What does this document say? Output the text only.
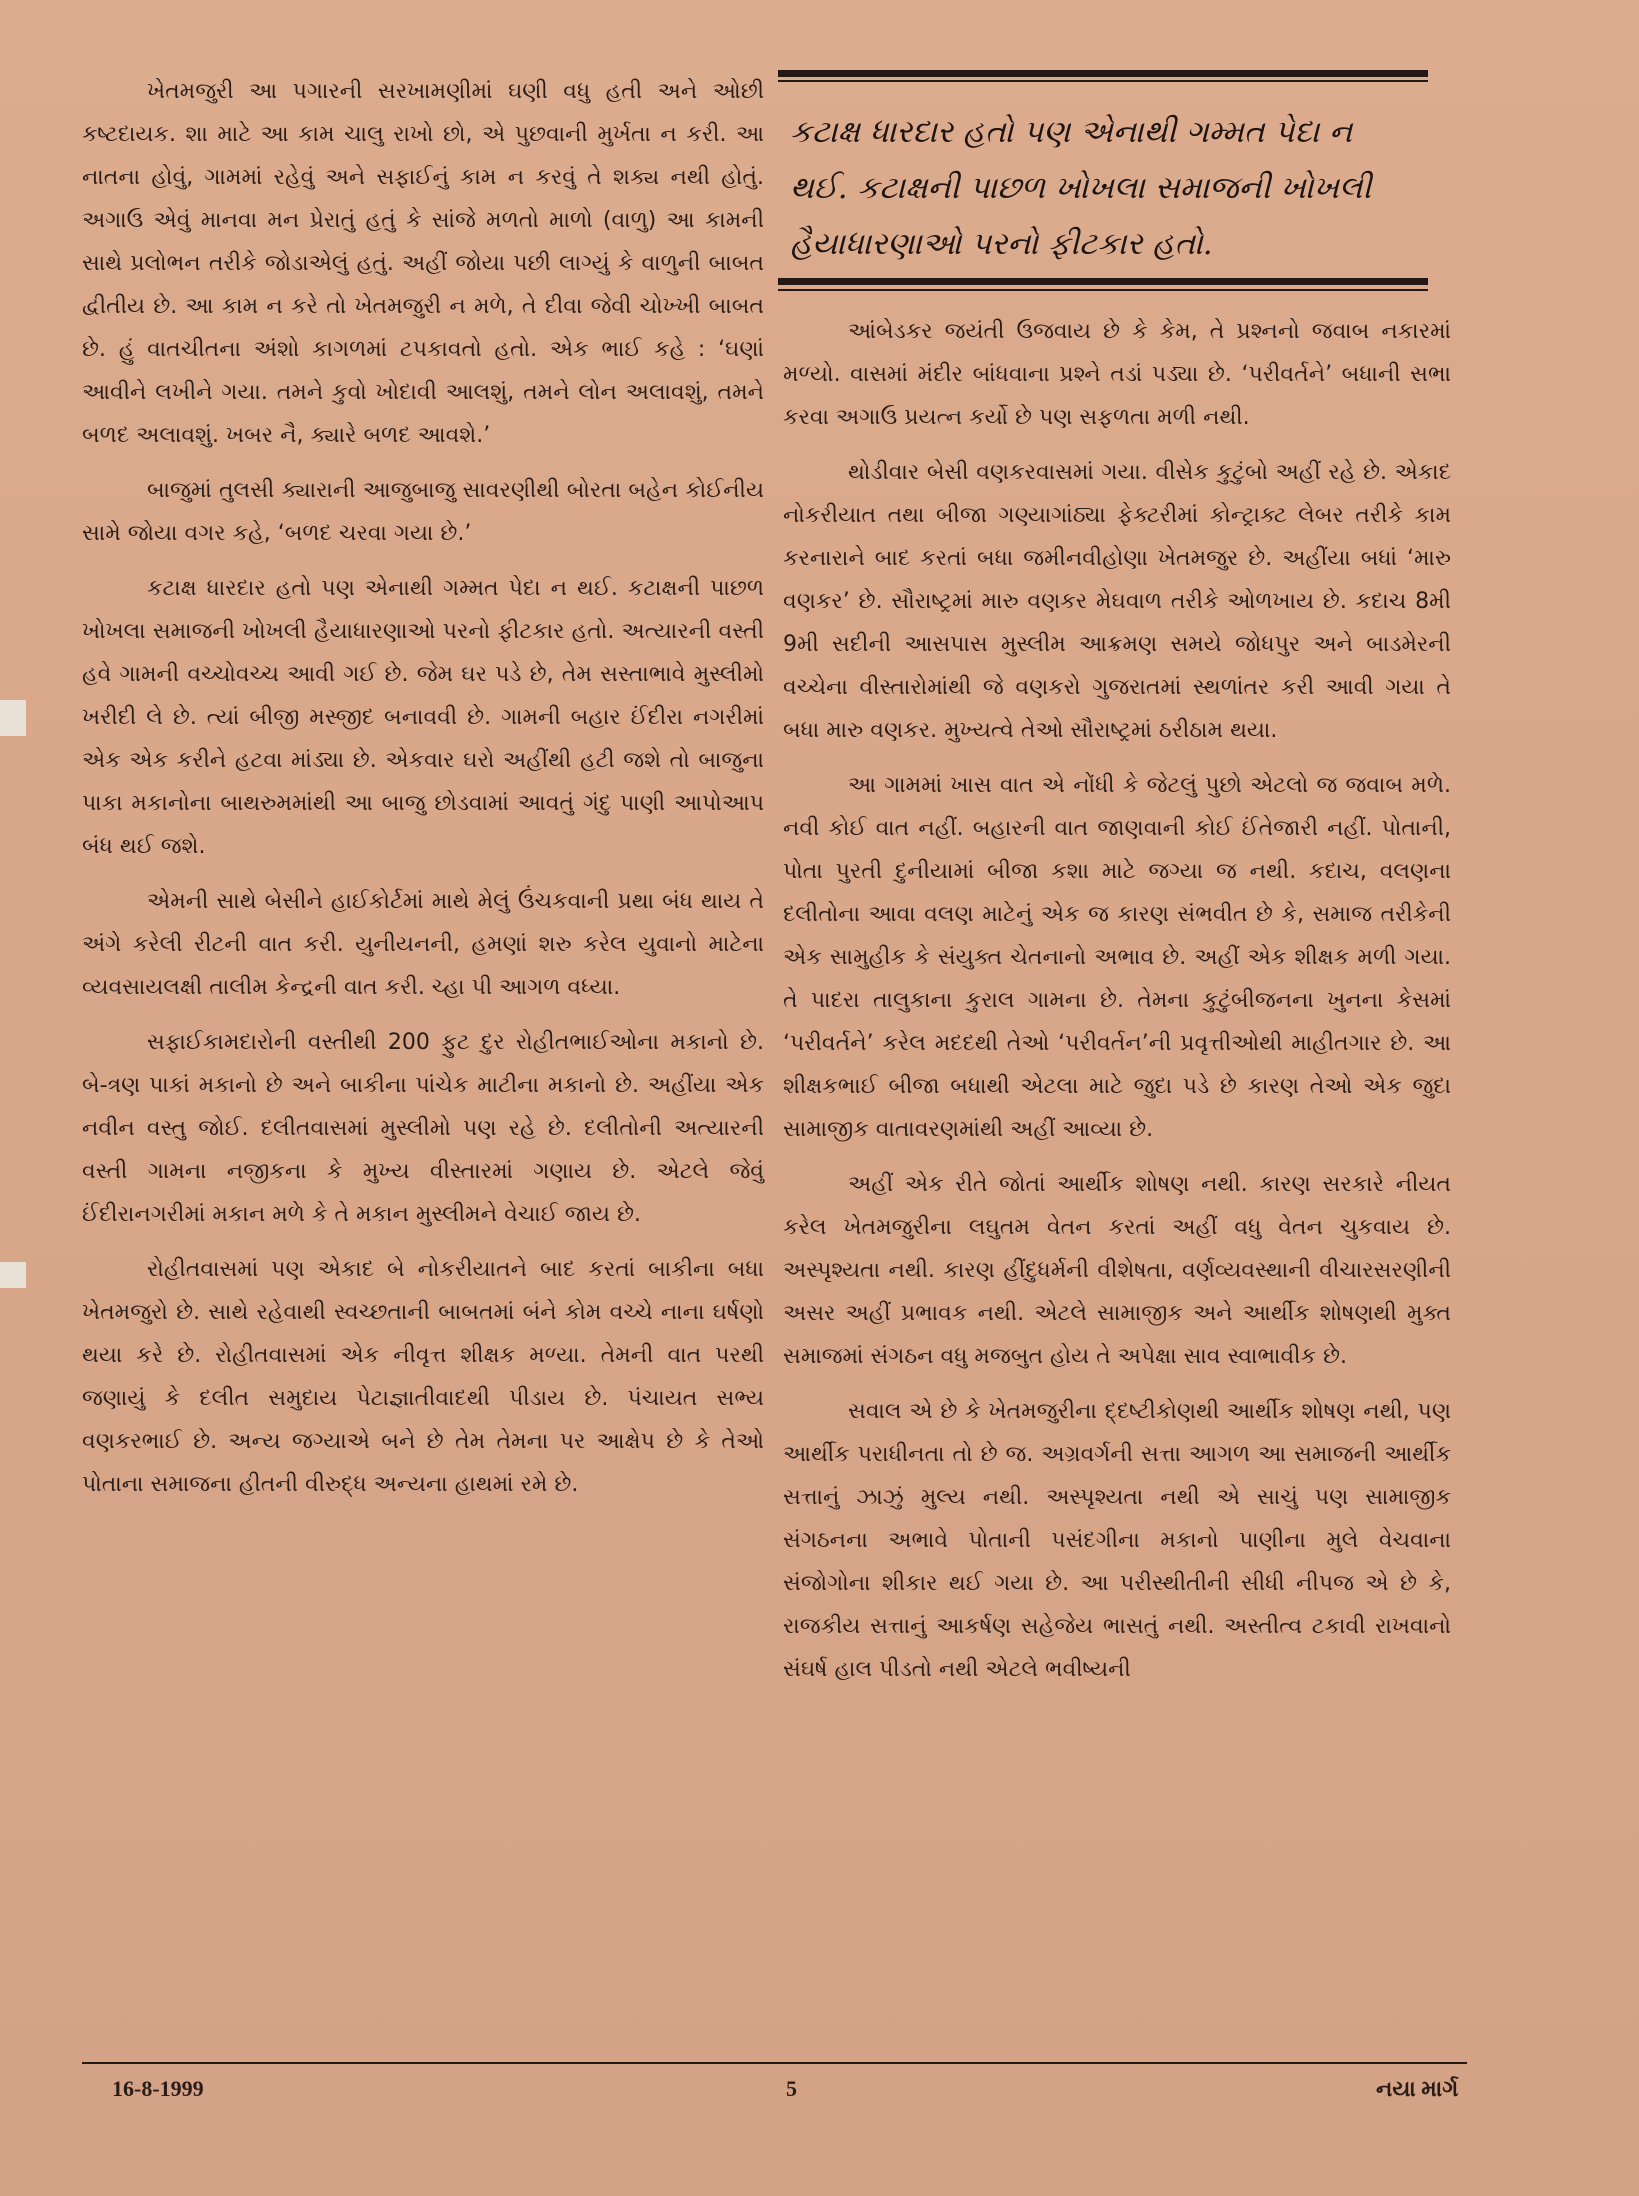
ખેતમજુરી આ પગારની સરખામણીમાં ઘણી વધુ હતી અને ઓછી કષ્ટદાયક. શા માટે આ કામ ચાલુ રાખો છો, એ પુછવાની મુર્ખતા ન કરી. આ નાતના હોવું, ગામમાં રહેવું અને સફાઈનું કામ ન કરવું તે શક્ય નથી હોતું. અગાઉ એવું માનવા મન પ્રેરાતું હતું કે સાંજે મળતો માળો (વાળુ) આ કામની સાથે પ્રલોભન તરીકે જોડાએલું હતું. અહીં જોયા પછી લાગ્યું કે વાળુની બાબત દ્વીતીય છે. આ કામ ન કરે તો ખેતમજુરી ન મળે, તે દીવા જેવી ચોખ્ખી બાબત છે. હું વાતચીતના અંશો કાગળમાં ટપકાવતો હતો. એક ભાઈ કહે : ‘ઘણાં આવીને લખીને ગયા. તમને કુવો ખોદાવી આલશું, તમને લોન અલાવશું, તમને બળદ અલાવશું. ખબર નૈ, ક્યારે બળદ આવશે.’

બાજુમાં તુલસી ક્યારાની આજુબાજુ સાવરણીથી બોરતા બહેન કોઈનીય સામે જોયા વગર કહે, ‘બળદ ચરવા ગયા છે.’

કટાક્ષ ધારદાર હતો પણ એનાથી ગમ્મત પેદા ન થઈ. કટાક્ષની પાછળ ખોખલા સમાજની ખોખલી હૈયાધારણાઓ પરનો ફીટકાર હતો. અત્યારની વસ્તી હવે ગામની વચ્ચોવચ્ચ આવી ગઈ છે. જેમ ઘર પડે છે, તેમ સસ્તાભાવે મુસ્લીમો ખરીદી લે છે. ત્યાં બીજી મસ્જીદ બનાવવી છે. ગામની બહાર ઈંદીરા નગરીમાં એક એક કરીને હટવા માંડ્યા છે. એકવાર ઘરો અહીંથી હટી જશે તો બાજુના પાકા મકાનોના બાથરુમમાંથી આ બાજુ છોડવામાં આવતું ગંદુ પાણી આપોઆપ બંધ થઈ જશે.

એમની સાથે બેસીને હાઈકોર્ટમાં માથે મેલું ઉંચકવાની પ્રથા બંધ થાય તે અંગે કરેલી રીટની વાત કરી. યુનીયનની, હમણાં શરુ કરેલ યુવાનો માટેના વ્યવસાયલક્ષી તાલીમ કેન્દ્રની વાત કરી. ચ્હા પી આગળ વધ્યા.

સફાઈકામદારોની વસ્તીથી 200 ફુટ દુર રોહીતભાઈઓના મકાનો છે. બે-ત્રણ પાકાં મકાનો છે અને બાકીના પાંચેક માટીના મકાનો છે. અહીંયા એક નવીન વસ્તુ જોઈ. દલીતવાસમાં મુસ્લીમો પણ રહે છે. દલીતોની અત્યારની વસ્તી ગામના નજીકના કે મુખ્ય વીસ્તારમાં ગણાય છે. એટલે જેવું ઈંદીરાનગરીમાં મકાન મળે કે તે મકાન મુસ્લીમને વેચાઈ જાય છે.

રોહીતવાસમાં પણ એકાદ બે નોકરીયાતને બાદ કરતાં બાકીના બધા ખેતમજુરો છે. સાથે રહેવાથી સ્વચ્છતાની બાબતમાં બંને કોમ વચ્ચે નાના ઘર્ષણો થયા કરે છે. રોહીતવાસમાં એક નીવૃત્ત શીક્ષક મળ્યા. તેમની વાત પરથી જણાયું કે દલીત સમુદાય પેટાજ્ઞાતીવાદથી પીડાય છે. પંચાયત સભ્ય વણકરભાઈ છે. અન્ય જગ્યાએ બને છે તેમ તેમના પર આક્ષેપ છે કે તેઓ પોતાના સમાજના હીતની વીરુદ્ધ અન્યના હાથમાં રમે છે.

કટાક્ષ ધારદાર હતો પણ એનાથી ગમ્મત પેદા ન થઈ. કટાક્ષની પાછળ ખોખલા સમાજની ખોખલી હૈયાધારણાઓ પરનો ફીટકાર હતો.

આંબેડકર જયંતી ઉજવાય છે કે કેમ, તે પ્રશ્નનો જવાબ નકારમાં મળ્યો. વાસમાં મંદીર બાંધવાના પ્રશ્ને તડાં પડ્યા છે. ‘પરીવર્તને’ બધાની સભા કરવા અગાઉ પ્રયત્ન કર્યો છે પણ સફળતા મળી નથી.

થોડીવાર બેસી વણકરવાસમાં ગયા. વીસેક કુટુંબો અહીં રહે છે. એકાદ નોકરીયાત તથા બીજા ગણ્યાગાંઠ્યા ફેક્ટરીમાં કોન્ટ્રાક્ટ લેબર તરીકે કામ કરનારાને બાદ કરતાં બધા જમીનવીહોણા ખેતમજુર છે. અહીંયા બધાં ‘મારુ વણકર’ છે. સૌરાષ્ટ્રમાં મારુ વણકર મેઘવાળ તરીકે ઓળખાય છે. કદાચ 8મી 9મી સદીની આસપાસ મુસ્લીમ આક્રમણ સમયે જોધપુર અને બાડમેરની વચ્ચેના વીસ્તારોમાંથી જે વણકરો ગુજરાતમાં સ્થળાંતર કરી આવી ગયા તે બધા મારુ વણકર. મુખ્યત્વે તેઓ સૌરાષ્ટ્રમાં ઠરીઠામ થયા.

આ ગામમાં ખાસ વાત એ નોંધી કે જેટલું પુછો એટલો જ જવાબ મળે. નવી કોઈ વાત નહીં. બહારની વાત જાણવાની કોઈ ઈંતેજારી નહીં. પોતાની, પોતા પુરતી દુનીયામાં બીજા કશા માટે જગ્યા જ નથી. કદાચ, વલણના દલીતોના આવા વલણ માટેનું એક જ કારણ સંભવીત છે કે, સમાજ તરીકેની એક સામુહીક કે સંયુક્ત ચેતનાનો અભાવ છે. અહીં એક શીક્ષક મળી ગયા. તે પાદરા તાલુકાના કુરાલ ગામના છે. તેમના કુટુંબીજનના ખુનના કેસમાં ‘પરીવર્તને’ કરેલ મદદથી તેઓ ‘પરીવર્તન’ની પ્રવૃત્તીઓથી માહીતગાર છે. આ શીક્ષકભાઈ બીજા બધાથી એટલા માટે જુદા પડે છે કારણ તેઓ એક જુદા સામાજીક વાતાવરણમાંથી અહીં આવ્યા છે.

અહીં એક રીતે જોતાં આર્થીક શોષણ નથી. કારણ સરકારે નીયત કરેલ ખેતમજુરીના લઘુતમ વેતન કરતાં અહીં વધુ વેતન ચુકવાય છે. અસ્પૃશ્યતા નથી. કારણ હીંદુધર્મની વીશેષતા, વર્ણવ્યવસ્થાની વીચારસરણીની અસર અહીં પ્રભાવક નથી. એટલે સામાજીક અને આર્થીક શોષણથી મુક્ત સમાજમાં સંગઠન વધુ મજબુત હોય તે અપેક્ષા સાવ સ્વાભાવીક છે.

સવાલ એ છે કે ખેતમજુરીના દ્દષ્ટીકોણથી આર્થીક શોષણ નથી, પણ આર્થીક પરાધીનતા તો છે જ. અગ્રવર્ગની સત્તા આગળ આ સમાજની આર્થીક સત્તાનું ઝાઝું મુલ્ય નથી. અસ્પૃશ્યતા નથી એ સાચું પણ સામાજીક સંગઠનના અભાવે પોતાની પસંદગીના મકાનો પાણીના મુલે વેચવાના સંજોગોના શીકાર થઈ ગયા છે. આ પરીસ્થીતીની સીધી નીપજ એ છે કે, રાજકીય સત્તાનું આકર્ષણ સહેજેય ભાસતું નથી. અસ્તીત્વ ટકાવી રાખવાનો સંઘર્ષ હાલ પીડતો નથી એટલે ભવીષ્યની

16-8-1999	5	નયા માર્ગ
